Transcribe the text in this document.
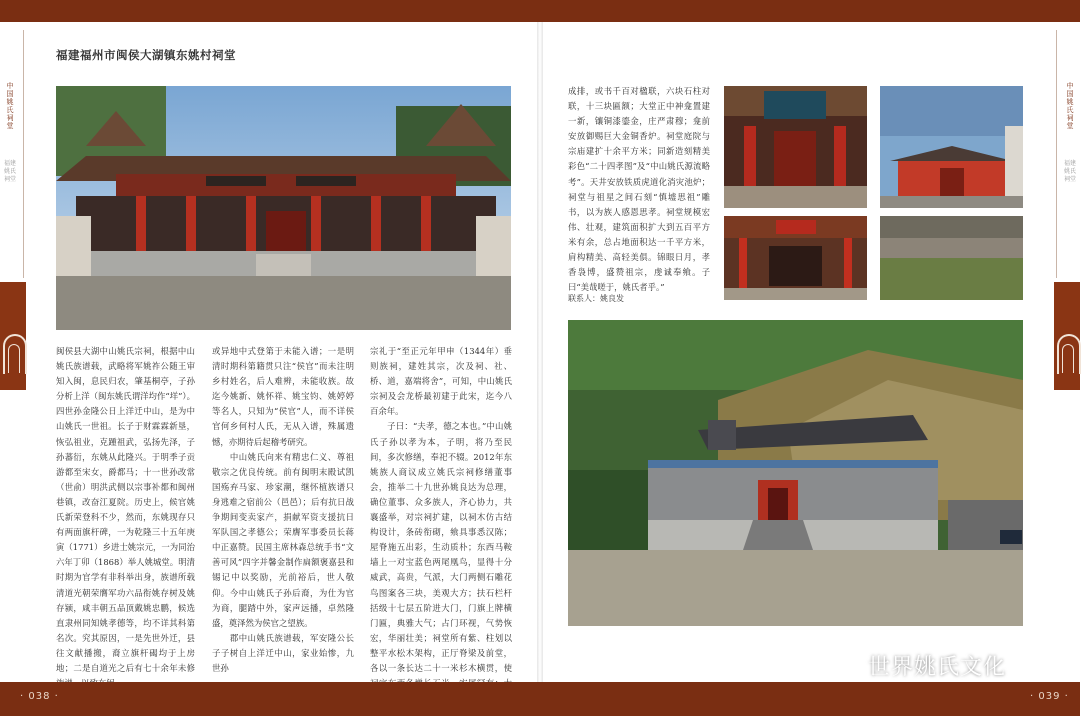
中国姚氏祠堂
福建姚氏祠堂
中国姚氏祠堂
福建姚氏祠堂
福建福州市闽侯大湖镇东姚村祠堂
闽侯县大湖中山姚氏宗祠，根据中山姚氏族谱载，武略将军姚祚公随王审知入闽，息民归农，肇基桐亭，子孙分析上洋（闽东姚氏谓洋均作“垟”）。四世孙金隆公日上洋迁中山，是为中山姚氏一世祖。长子于财霖霖新垦，恢弘祖业，克踵祖武，弘扬先泽，子孙蕃衍，东姚从此隆兴。于明季子贡游都至宋女，爵都马；十一世孙改常（世俞）明洪武侧以宗事补都和闽州巷镇，改奋江夏院。历史上，候官姚氏新荣登科不少，然而，东姚现存只有两面旗杆碑，一为乾隆三十五年庚寅（1771）乡进士姚宗元，一为同治六年丁卯（1868）举人姚城堂。明清时期为官学有非科举出身，族谱所载清道光朝荣膺军功六品衔姚存树及姚存颍，咸丰朝五品顶戴姚忠鹏，候选直隶州同知姚孝德等，均不详其科第名次。究其原因，一是先世外迁，县往文献播搬，裔立旗杆碣均于上房地；二是自道光之后有七十余年未修
或异地中式登第于未能入谱；一是明清时期科第籍贯只注“侯官”而未注明乡村姓名，后人难辨，未能收族。故迄今姚新、姚怀祥、姚宝钧、姚婷婷等名人，只知为“侯官”人，而不详侯官何乡何村人氏，无从入谱，殊属遗憾，亦期待后起稽考研究。
　　中山姚氏向来有精忠仁义、尊祖敬宗之优良传统。前有闽明末殿试凯国殇弃马家、珍家潮，继怀植族谱只身逃难之宿前公（邑邑）；后有抗日战争期间变卖家产，捐献军资支援抗日军队国之孝德公；荣膺军事委员长蒋中正嘉赞。民国主席林森总统手书“文善可风”四字并馨金制作扁额褒嘉县和锡记中以奖励，光前裕后，世人敬仰。今中山姚氏子孙后裔，为仕为官为商，腿踏中外，家声远播，卓然隆盛，奠泽然为侯官之望族。
　　郡中山姚氏族谱载，军安隆公长子子树自上洋迁中山，家业始惨，九世孙
宗礼于“至正元年甲申（1344年）垂则族祠，建姓其宗，次及祠、社、桥、道，嘉端将舍”，可知，中山姚氏宗祠及会龙桥最初建于此宋，迄今八百余年。
　　子曰：“夫孝，德之本也。”中山姚氏子孙以孝为本，子明，将乃至民间，多次修缮，奉祀不辍。2012年东姚族人商议成立姚氏宗祠修缮董事会，推举二十九世孙姚良达为总理，确位董事、众多族人，齐心协力，共襄盛举，对宗祠扩建，以祠木仿古结构设计，条砖衔砌，飨具事悉汉陈；屋脊施五出彩，生动质朴；东西马鞍墙上一对宝蓝色两尾凰鸟，显得十分威武，高贵，气派，大门两侧石雕花鸟图案各三块，美观大方；扶石栏杆括级十七层五阶进大门，门旗上牌横门匾，典雅大气；占门环视，气势恢宏，华丽壮美；祠堂所有紫、柱划以整平水松木架构，正厅脊梁及前堂，各以一条长达二十一米杉木横贯，使
成排，或书千百对楹联，六块石柱对联，十三块匾额；大堂正中神龛置建一新，镶铜漆鎏金，庄严肃穆；龛前安放御赐巨大金铜香炉。祠堂庭院与宗庙建扩十余平方米；同新造刻精美彩色“二十四孝图”及“中山姚氏源流略考”。天井安放铁质虎道化消灾池炉；祠堂与祖星之间石刻“慎墟思祖”雕书，以为族人感恩思孝。祠堂规模宏伟、壮观，建筑面积扩大到五百平方米有余，总占地面积达一千平方米，肩构精美、高轻美俱。锦眼日月，孝香袅博，盛赞祖宗，虔诚奉飨。子曰“美哉嗟于，姚氏者乎。”
联系人：姚良发
世界姚氏文化
· 038 ·	· 039 ·
